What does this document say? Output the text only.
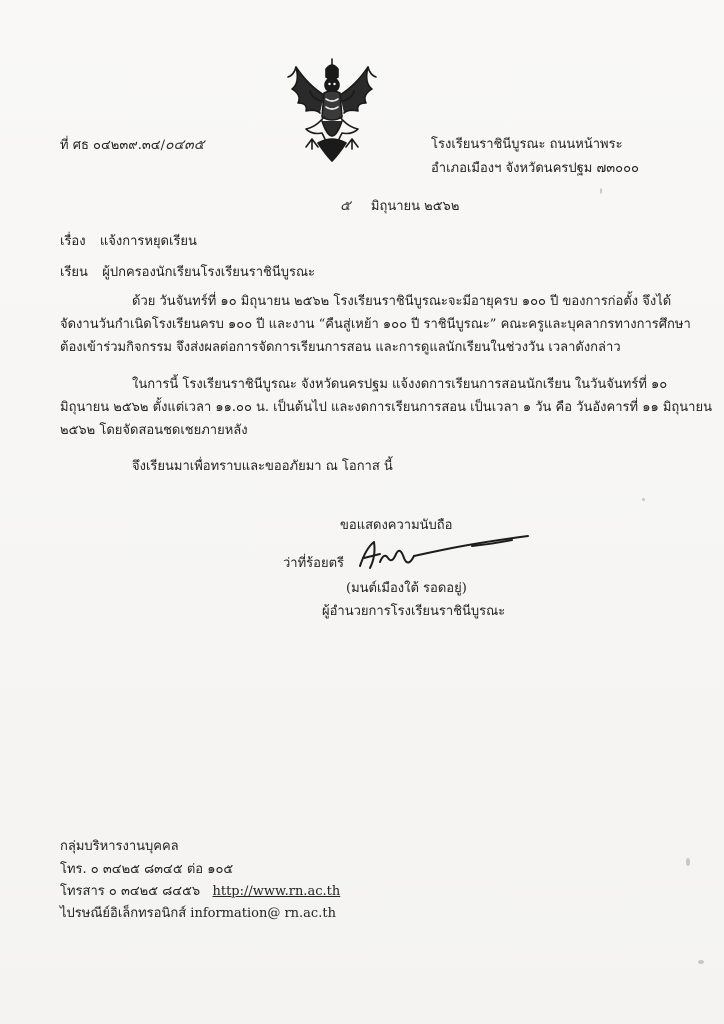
ที่ ศธ ๐๔๒๓๙.๓๔/๐๔๓๕	โรงเรียนราชินีบูรณะ ถนนหน้าพระ
อำเภอเมืองฯ จังหวัดนครปฐม ๗๓๐๐๐
๕ มิถุนายน ๒๕๖๒
เรื่อง แจ้งการหยุดเรียน
เรียน ผู้ปกครองนักเรียนโรงเรียนราชินีบูรณะ
ด้วย วันจันทร์ที่ ๑๐ มิถุนายน ๒๕๖๒ โรงเรียนราชินีบูรณะจะมีอายุครบ ๑๐๐ ปี ของการก่อตั้ง จึงได้
จัดงานวันกำเนิดโรงเรียนครบ ๑๐๐ ปี และงาน “คืนสู่เหย้า ๑๐๐ ปี ราชินีบูรณะ” คณะครูและบุคลากรทางการศึกษา
ต้องเข้าร่วมกิจกรรม จึงส่งผลต่อการจัดการเรียนการสอน และการดูแลนักเรียนในช่วงวัน เวลาดังกล่าว
ในการนี้ โรงเรียนราชินีบูรณะ จังหวัดนครปฐม แจ้งงดการเรียนการสอนนักเรียน ในวันจันทร์ที่ ๑๐
มิถุนายน ๒๕๖๒ ตั้งแต่เวลา ๑๑.๐๐ น. เป็นต้นไป และงดการเรียนการสอน เป็นเวลา ๑ วัน คือ วันอังคารที่ ๑๑ มิถุนายน
๒๕๖๒ โดยจัดสอนชดเชยภายหลัง
จึงเรียนมาเพื่อทราบและขออภัยมา ณ โอกาส นี้
ขอแสดงความนับถือ
ว่าที่ร้อยตรี
(มนต์เมืองใต้ รอดอยู่)
ผู้อำนวยการโรงเรียนราชินีบูรณะ
กลุ่มบริหารงานบุคคล
โทร. ๐ ๓๔๒๕ ๘๓๔๕ ต่อ ๑๐๕
โทรสาร ๐ ๓๔๒๕ ๘๔๕๖ http://www.rn.ac.th
ไปรษณีย์อิเล็กทรอนิกส์ information@ rn.ac.th
